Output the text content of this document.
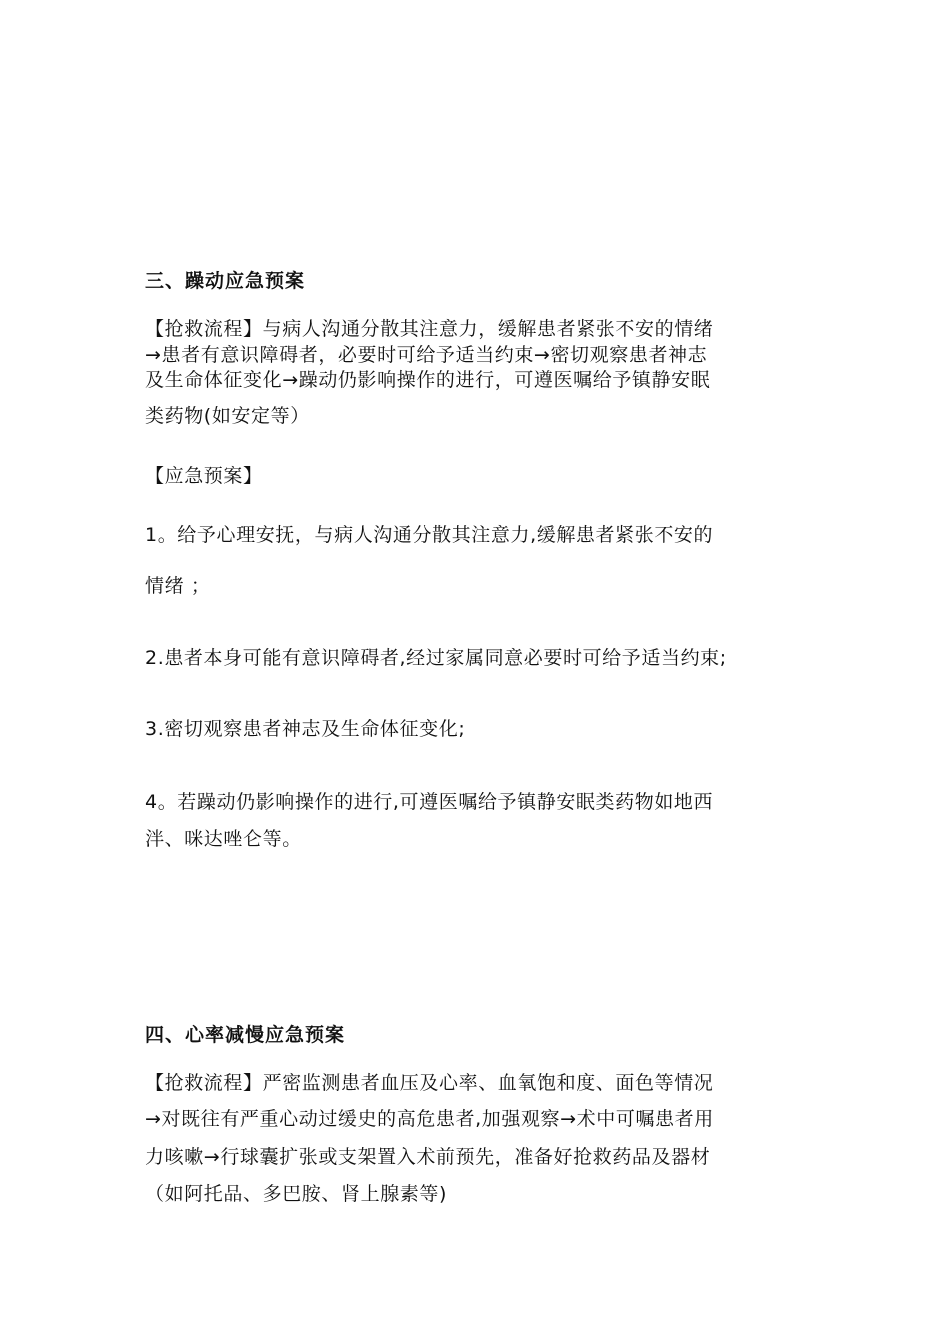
三、躁动应急预案

【抢救流程】与病人沟通分散其注意力，缓解患者紧张不安的情绪

→患者有意识障碍者，必要时可给予适当约束→密切观察患者神志

及生命体征变化→躁动仍影响操作的进行，可遵医嘱给予镇静安眠

类药物(如安定等）

【应急预案】

1。给予心理安抚，与病人沟通分散其注意力,缓解患者紧张不安的

情绪 ；

2.患者本身可能有意识障碍者,经过家属同意必要时可给予适当约束;

3.密切观察患者神志及生命体征变化;

4。若躁动仍影响操作的进行,可遵医嘱给予镇静安眠类药物如地西

泮、咪达唑仑等。

四、心率减慢应急预案

【抢救流程】严密监测患者血压及心率、血氧饱和度、面色等情况

→对既往有严重心动过缓史的高危患者,加强观察→术中可嘱患者用

力咳嗽→行球囊扩张或支架置入术前预先，准备好抢救药品及器材

（如阿托品、多巴胺、肾上腺素等)
